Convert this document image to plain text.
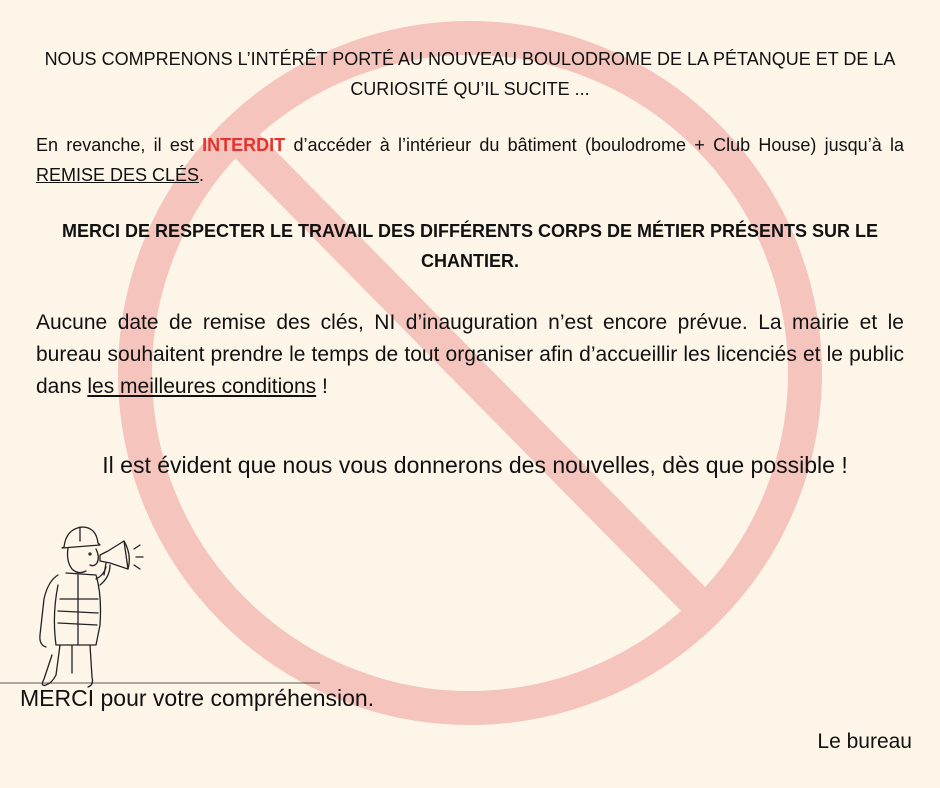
NOUS COMPRENONS L’INTÉRÊT PORTÉ AU NOUVEAU BOULODROME DE LA PÉTANQUE ET DE LA CURIOSITÉ QU’IL SUCITE ...
En revanche, il est INTERDIT d’accéder à l’intérieur du bâtiment (boulodrome + Club House) jusqu’à la REMISE DES CLÉS.
MERCI DE RESPECTER LE TRAVAIL DES DIFFÉRENTS CORPS DE MÉTIER PRÉSENTS SUR LE CHANTIER.
Aucune date de remise des clés, NI d’inauguration n’est encore prévue. La mairie et le bureau souhaitent prendre le temps de tout organiser afin d’accueillir les licenciés et le public dans les meilleures conditions !
Il est évident que nous vous donnerons des nouvelles, dès que possible !
MERCI pour votre compréhension.
Le bureau
